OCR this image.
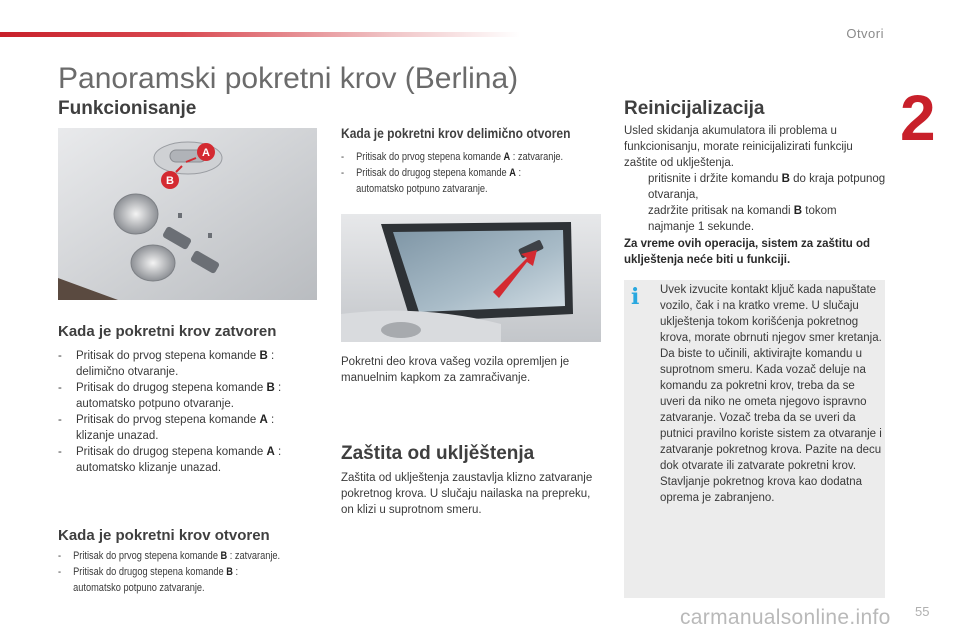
Otvori
2
Panoramski pokretni krov (Berlina)
Funkcionisanje
A
B
Kada je pokretni krov zatvoren
- Pritisak do prvog stepena komande B :
delimično otvaranje.
- Pritisak do drugog stepena komande B :
automatsko potpuno otvaranje.
- Pritisak do prvog stepena komande A :
klizanje unazad.
- Pritisak do drugog stepena komande A :
automatsko klizanje unazad.
Kada je pokretni krov otvoren
- Pritisak do prvog stepena komande B : zatvaranje.
- Pritisak do drugog stepena komande B :
automatsko potpuno zatvaranje.
Kada je pokretni krov delimično otvoren
- Pritisak do prvog stepena komande A : zatvaranje.
- Pritisak do drugog stepena komande A :
automatsko potpuno zatvaranje.

Pokretni deo krova vašeg vozila opremljen je manuelnim kapkom za zamračivanje.

Zaštita od ukljěštenja

Zaštita od uklještenja zaustavlja klizno zatvaranje pokretnog krova. U slučaju nailaska na prepreku, on klizi u suprotnom smeru.

Reinicijalizacija

Usled skidanja akumulatora ili problema u funkcionisanju, morate reinicijalizirati funkciju zaštite od uklještenja.

pritisnite i držite komandu B do kraja potpunog otvaranja,
zadržite pritisak na komandi B tokom najmanje 1 sekunde.

Za vreme ovih operacija, sistem za zaštitu od uklještenja neće biti u funkciji.

i	Uvek izvucite kontakt ključ kada napuštate vozilo, čak i na kratko vreme. U slučaju uklještenja tokom korišćenja pokretnog krova, morate obrnuti njegov smer kretanja. Da biste to učinili, aktivirajte komandu u suprotnom smeru. Kada vozač deluje na komandu za pokretni krov, treba da se uveri da niko ne ometa njegovo ispravno zatvaranje. Vozač treba da se uveri da putnici pravilno koriste sistem za otvaranje i zatvaranje pokretnog krova. Pazite na decu dok otvarate ili zatvarate pokretni krov. Stavljanje pokretnog krova kao dodatna oprema je zabranjeno.

55
carmanualsonline.info
